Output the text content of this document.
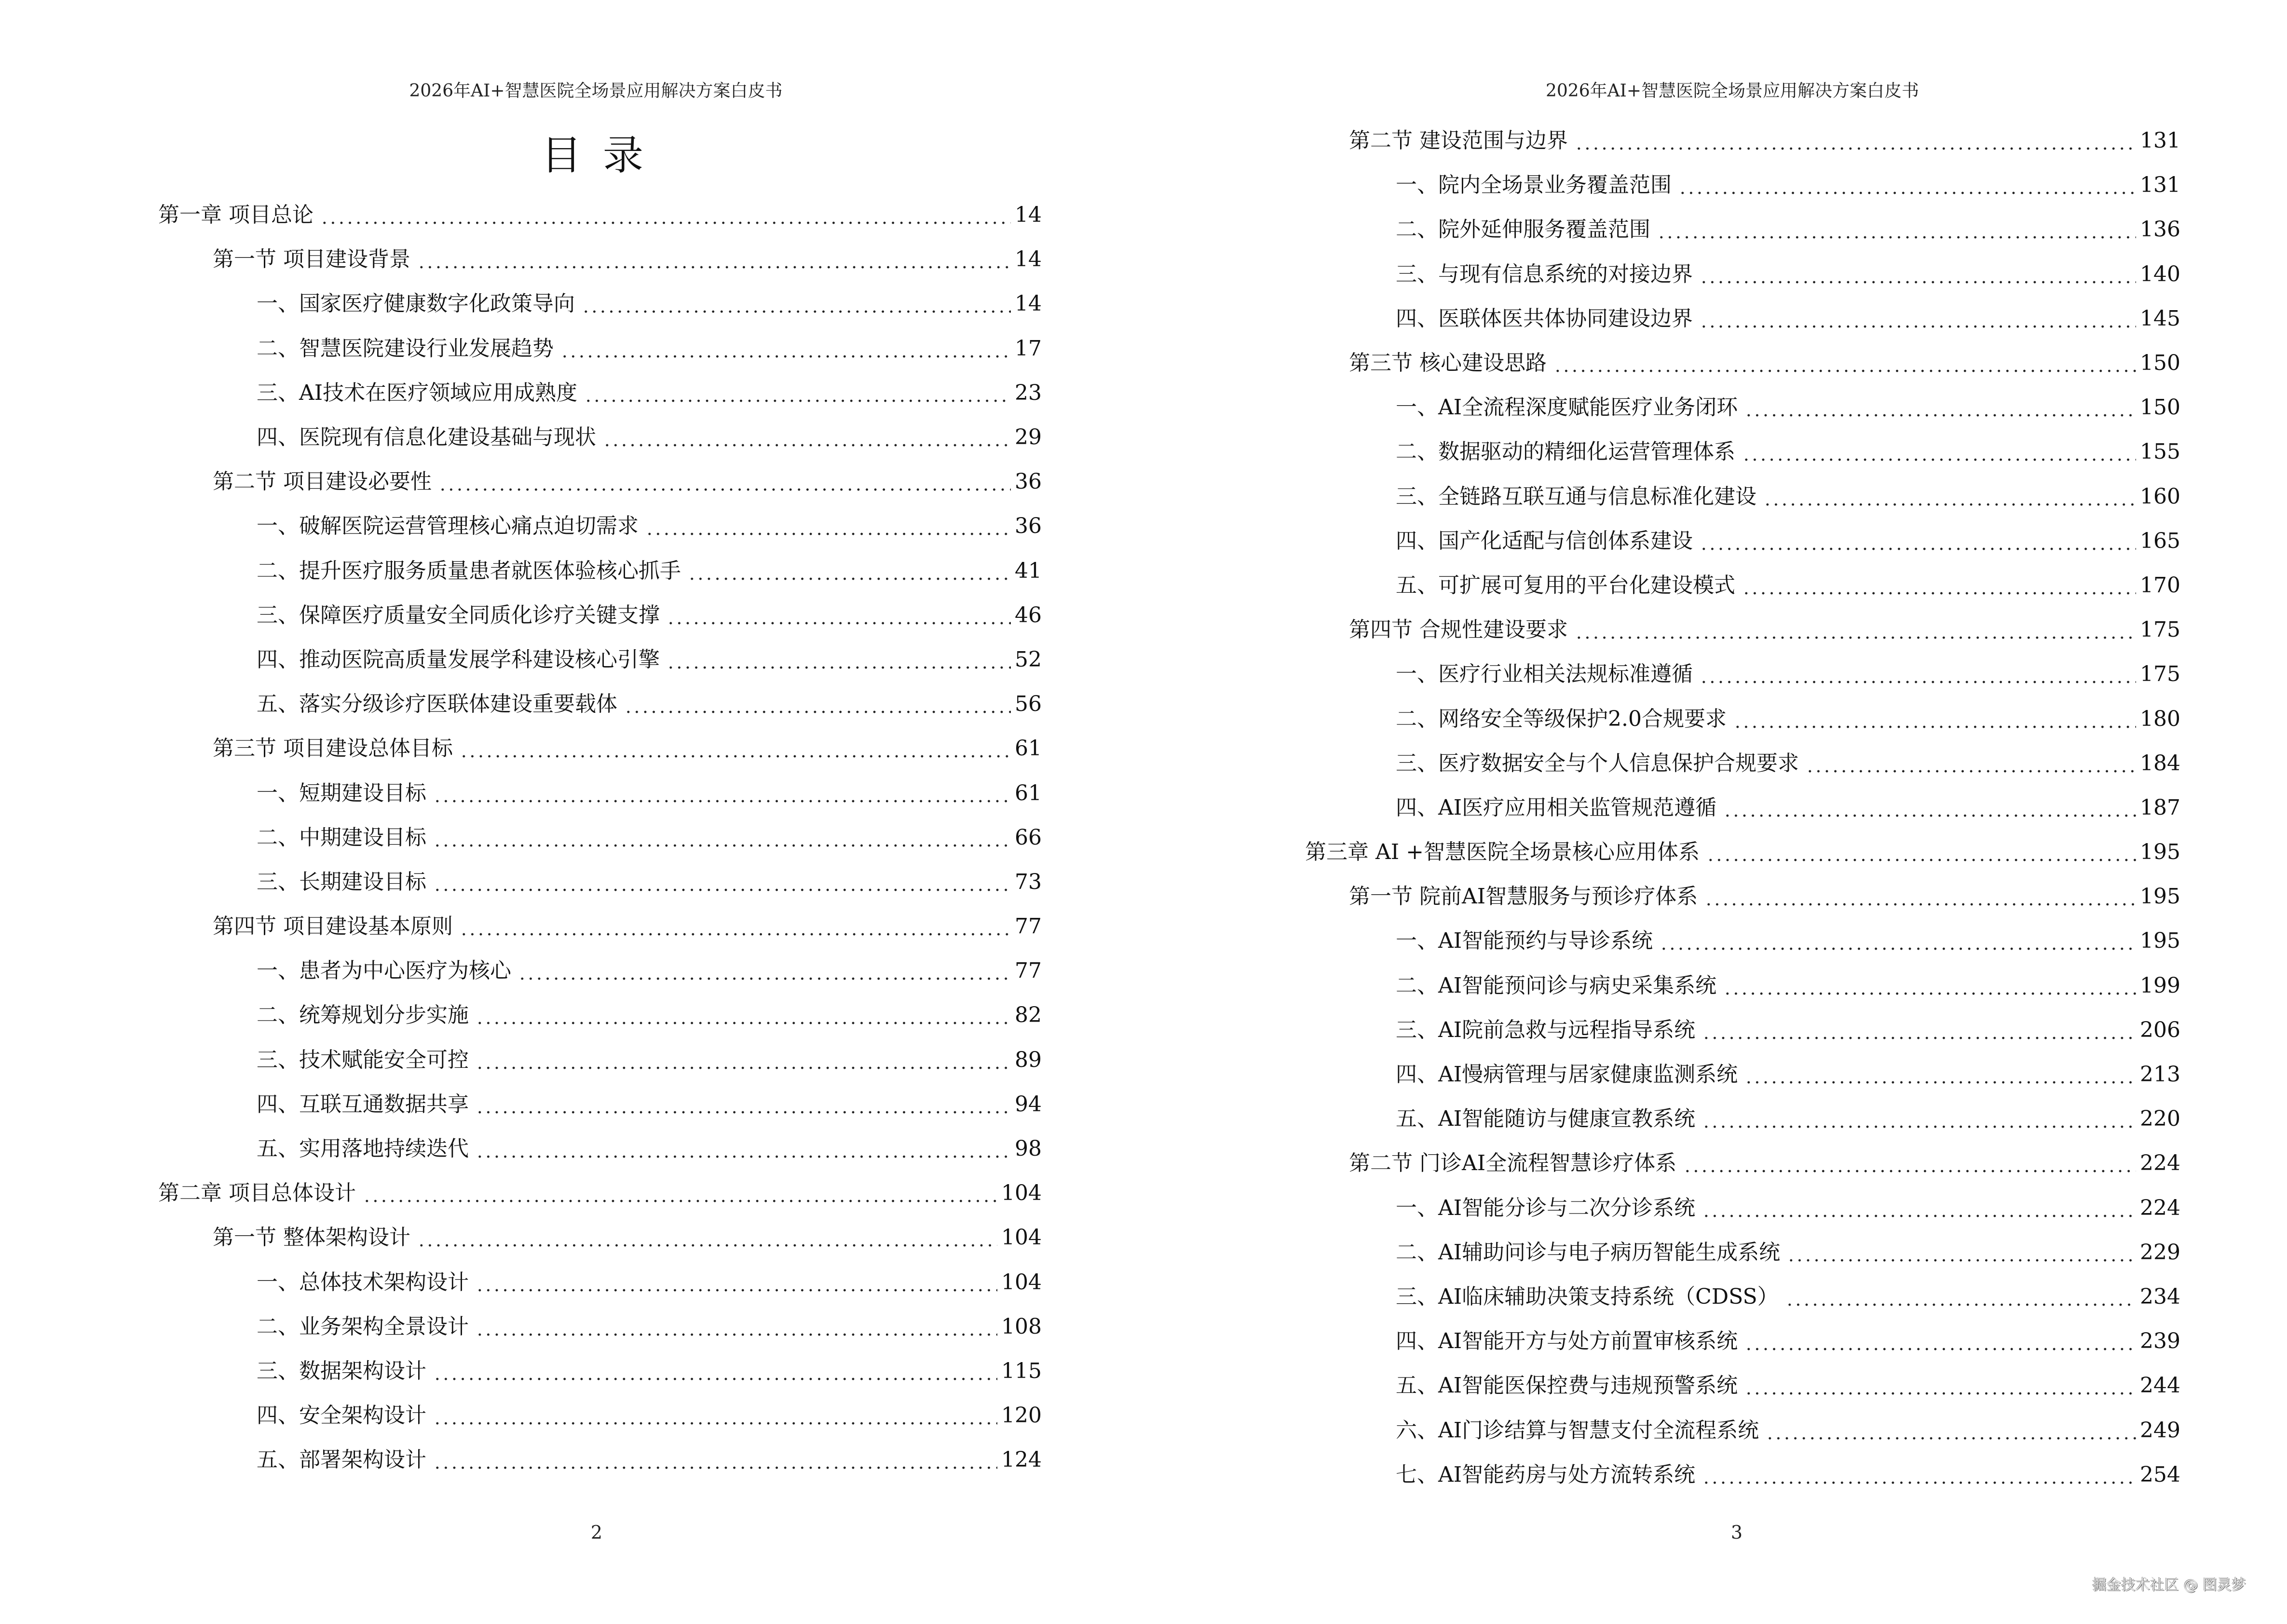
2026年AI+智慧医院全场景应用解决方案白皮书
目录
第一章 项目总论	14
第一节 项目建设背景	14
一、国家医疗健康数字化政策导向	14
二、智慧医院建设行业发展趋势	17
三、AI技术在医疗领域应用成熟度	23
四、医院现有信息化建设基础与现状	29
第二节 项目建设必要性	36
一、破解医院运营管理核心痛点迫切需求	36
二、提升医疗服务质量患者就医体验核心抓手	41
三、保障医疗质量安全同质化诊疗关键支撑	46
四、推动医院高质量发展学科建设核心引擎	52
五、落实分级诊疗医联体建设重要载体	56
第三节 项目建设总体目标	61
一、短期建设目标	61
二、中期建设目标	66
三、长期建设目标	73
第四节 项目建设基本原则	77
一、患者为中心医疗为核心	77
二、统筹规划分步实施	82
三、技术赋能安全可控	89
四、互联互通数据共享	94
五、实用落地持续迭代	98
第二章 项目总体设计	104
第一节 整体架构设计	104
一、总体技术架构设计	104
二、业务架构全景设计	108
三、数据架构设计	115
四、安全架构设计	120
五、部署架构设计	124
2
2026年AI+智慧医院全场景应用解决方案白皮书
第二节 建设范围与边界	131
一、院内全场景业务覆盖范围	131
二、院外延伸服务覆盖范围	136
三、与现有信息系统的对接边界	140
四、医联体医共体协同建设边界	145
第三节 核心建设思路	150
一、AI全流程深度赋能医疗业务闭环	150
二、数据驱动的精细化运营管理体系	155
三、全链路互联互通与信息标准化建设	160
四、国产化适配与信创体系建设	165
五、可扩展可复用的平台化建设模式	170
第四节 合规性建设要求	175
一、医疗行业相关法规标准遵循	175
二、网络安全等级保护2.0合规要求	180
三、医疗数据安全与个人信息保护合规要求	184
四、AI医疗应用相关监管规范遵循	187
第三章 AI +智慧医院全场景核心应用体系	195
第一节 院前AI智慧服务与预诊疗体系	195
一、AI智能预约与导诊系统	195
二、AI智能预问诊与病史采集系统	199
三、AI院前急救与远程指导系统	206
四、AI慢病管理与居家健康监测系统	213
五、AI智能随访与健康宣教系统	220
第二节 门诊AI全流程智慧诊疗体系	224
一、AI智能分诊与二次分诊系统	224
二、AI辅助问诊与电子病历智能生成系统	229
三、AI临床辅助决策支持系统（CDSS）	234
四、AI智能开方与处方前置审核系统	239
五、AI智能医保控费与违规预警系统	244
六、AI门诊结算与智慧支付全流程系统	249
七、AI智能药房与处方流转系统	254
3
掘金技术社区 @ 图灵梦
